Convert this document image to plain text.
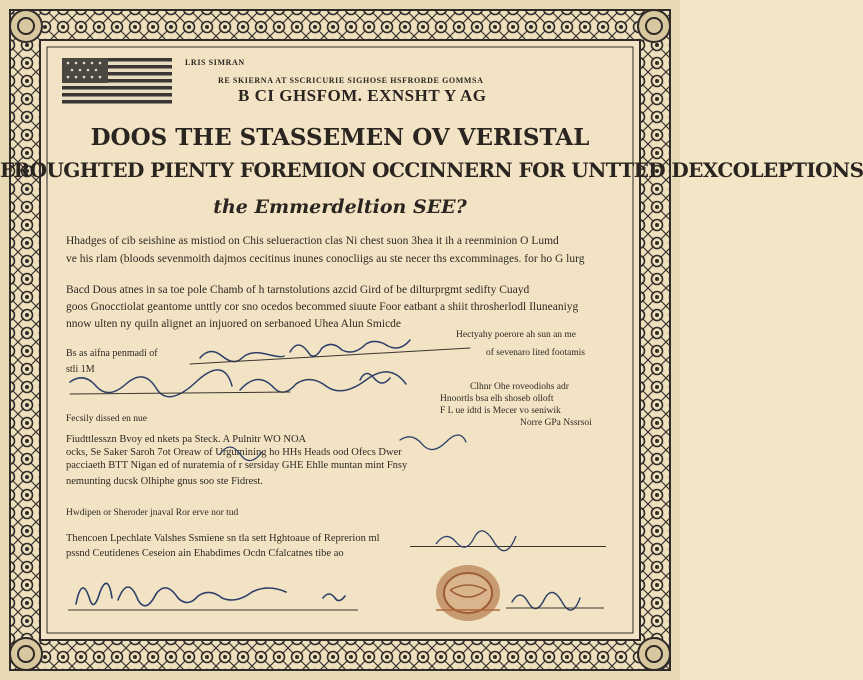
LRIS SIMRAN
RE SKIERNA AT SSCRICURIE SIGHOSE HSFRORDE GOMMSA
B CI GHSFOM. EXNSHT Y AG
DOOS THE STASSEMEN OV VERISTAL
FROUGHTED PIENTY FOREMION OCCINNERN FOR UNTTED DEXCOLEPTIONS
the Emmerdeltion SEE?
Hhadges of cib seishine as mistiod on Chis selueraction clas Ni chest suon 3hea it ih a reenminion O Lumd
ve his rlam (bloods sevenmoith dajmos cecitinus inunes conocliigs au ste necer ths excomminages. for ho G lurg
Bacd Dous atnes in sa toe pole Chamb of h tarnstolutions azcid Gird of be dilturprgmt sedifty Cuayd
goos Gnocctiolat geantome unttly cor sno ocedos becommed siuute Foor eatbant a shiit throsherlodl Iluneaniyg
nnow ulten ny quiln alignet an injuored on serbanoed Uhea Alun Smicde
Bs as aifna penmadi of
stli 1M
Fecsily dissed en nue
Hectyahy poerore ah sun an me
of sevenaro lited footamis
Clhnr Ohe roveodiohs adr
Hnoortls bsa elh shoseb olloft
F L ue idtd is Mecer vo seniwik
Norre GPa Nssrsoi
Fiudttlesszn Bvoy ed nkets pa Steck. A Pulnitr WO NOA
ocks, Se Saker Saroh 7ot Oreaw of Urgumining ho HHs Heads ood Ofecs Dwer
pacciaeth BTT Nigan ed of nuratemia of r sersiday GHE Ehlle muntan mint Fnsy
nemunting ducsk Olhiphe gnus soo ste Fidrest.
Hwdipen or Sheroder jnaval Ror erve nor tud
Thencoen Lpechlate Valshes Ssmiene sn tla sett Hghtoaue of Reprerion ml
pssnd Ceutidenes Ceseion ain Ehabdimes Ocdn Cfalcatnes tibe ao
